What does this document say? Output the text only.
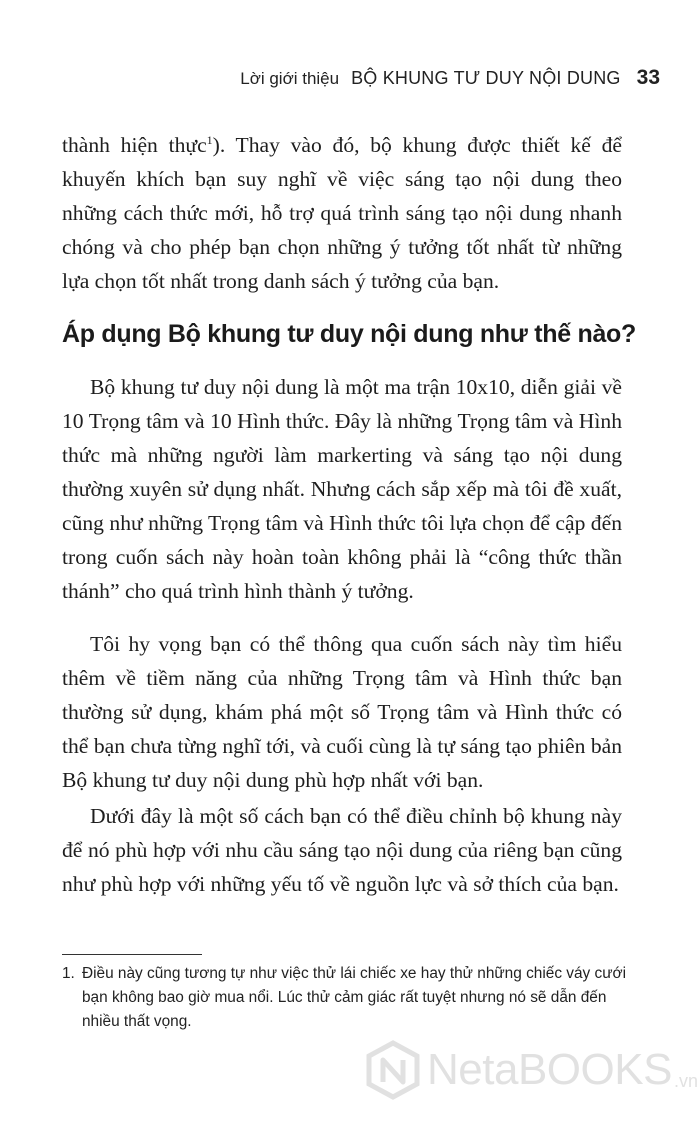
Lời giới thiệu BỘ KHUNG TƯ DUY NỘI DUNG 33

thành hiện thực$^1$). Thay vào đó, bộ khung được thiết kế để khuyến khích bạn suy nghĩ về việc sáng tạo nội dung theo những cách thức mới, hỗ trợ quá trình sáng tạo nội dung nhanh chóng và cho phép bạn chọn những ý tưởng tốt nhất từ những lựa chọn tốt nhất trong danh sách ý tưởng của bạn.

Áp dụng Bộ khung tư duy nội dung như thế nào?

Bộ khung tư duy nội dung là một ma trận 10x10, diễn giải về 10 Trọng tâm và 10 Hình thức. Đây là những Trọng tâm và Hình thức mà những người làm markerting và sáng tạo nội dung thường xuyên sử dụng nhất. Nhưng cách sắp xếp mà tôi đề xuất, cũng như những Trọng tâm và Hình thức tôi lựa chọn để cập đến trong cuốn sách này hoàn toàn không phải là “công thức thần thánh” cho quá trình hình thành ý tưởng.

Tôi hy vọng bạn có thể thông qua cuốn sách này tìm hiểu thêm về tiềm năng của những Trọng tâm và Hình thức bạn thường sử dụng, khám phá một số Trọng tâm và Hình thức có thể bạn chưa từng nghĩ tới, và cuối cùng là tự sáng tạo phiên bản Bộ khung tư duy nội dung phù hợp nhất với bạn.

Dưới đây là một số cách bạn có thể điều chỉnh bộ khung này để nó phù hợp với nhu cầu sáng tạo nội dung của riêng bạn cũng như phù hợp với những yếu tố về nguồn lực và sở thích của bạn.

1. Điều này cũng tương tự như việc thử lái chiếc xe hay thử những chiếc váy cưới bạn không bao giờ mua nổi. Lúc thử cảm giác rất tuyệt nhưng nó sẽ dẫn đến nhiều thất vọng.
NetaBOOKS .vn
